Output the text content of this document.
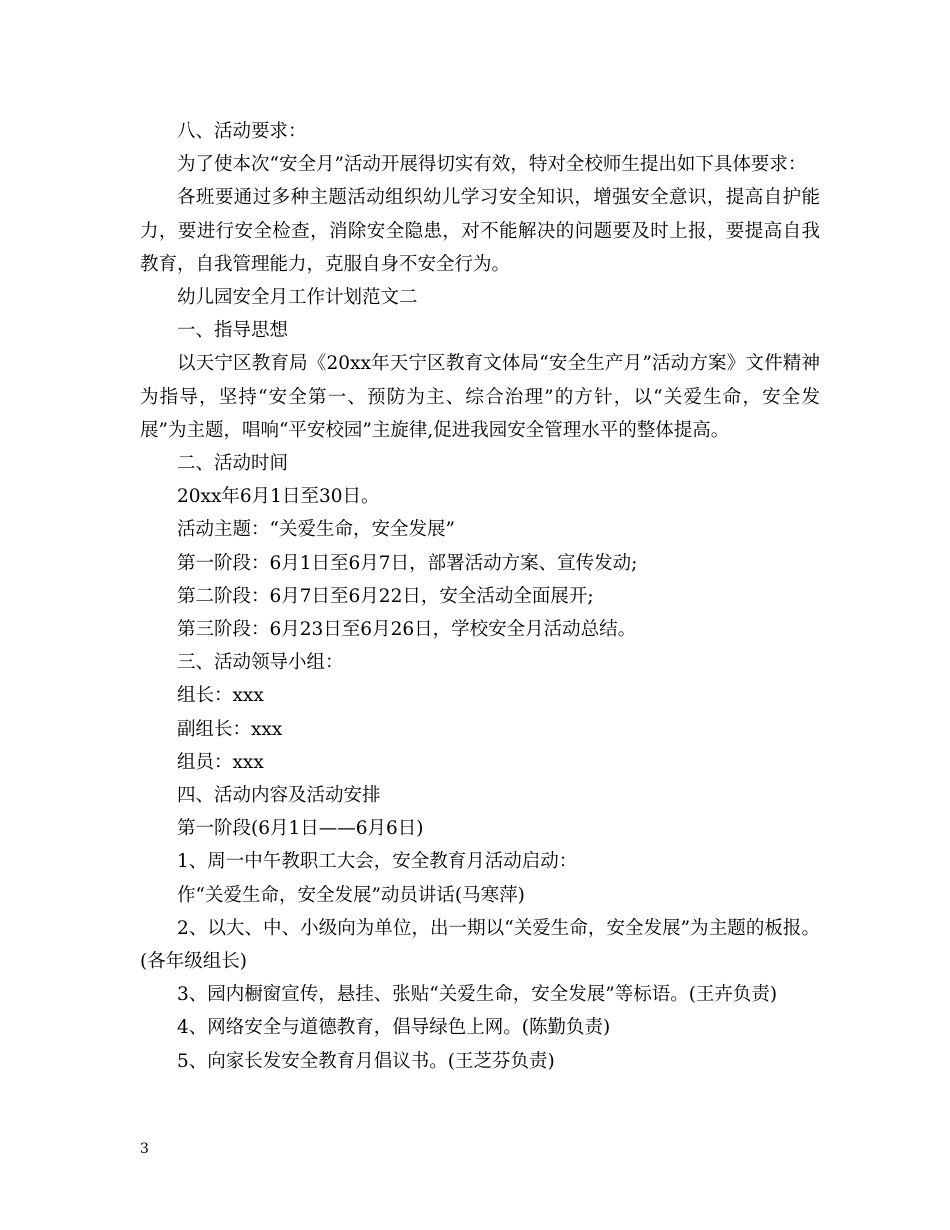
八、活动要求：

为了使本次“安全月”活动开展得切实有效，特对全校师生提出如下具体要求：

各班要通过多种主题活动组织幼儿学习安全知识，增强安全意识，提高自护能力，要进行安全检查，消除安全隐患，对不能解决的问题要及时上报，要提高自我教育，自我管理能力，克服自身不安全行为。

幼儿园安全月工作计划范文二

一、指导思想

以天宁区教育局《20xx年天宁区教育文体局“安全生产月”活动方案》文件精神为指导，坚持“安全第一、预防为主、综合治理”的方针，以“关爱生命，安全发展”为主题，唱响“平安校园”主旋律,促进我园安全管理水平的整体提高。

二、活动时间

20xx年6月1日至30日。

活动主题：“关爱生命，安全发展”

第一阶段：6月1日至6月7日，部署活动方案、宣传发动;

第二阶段：6月7日至6月22日，安全活动全面展开;

第三阶段：6月23日至6月26日，学校安全月活动总结。

三、活动领导小组：

组长：xxx

副组长：xxx

组员：xxx

四、活动内容及活动安排

第一阶段(6月1日——6月6日)

1、周一中午教职工大会，安全教育月活动启动：

作“关爱生命，安全发展”动员讲话(马寒萍)

2、以大、中、小级向为单位，出一期以“关爱生命，安全发展”为主题的板报。(各年级组长)

3、园内橱窗宣传，悬挂、张贴“关爱生命，安全发展”等标语。(王卉负责)

4、网络安全与道德教育，倡导绿色上网。(陈勤负责)

5、向家长发安全教育月倡议书。(王芝芬负责)

3
